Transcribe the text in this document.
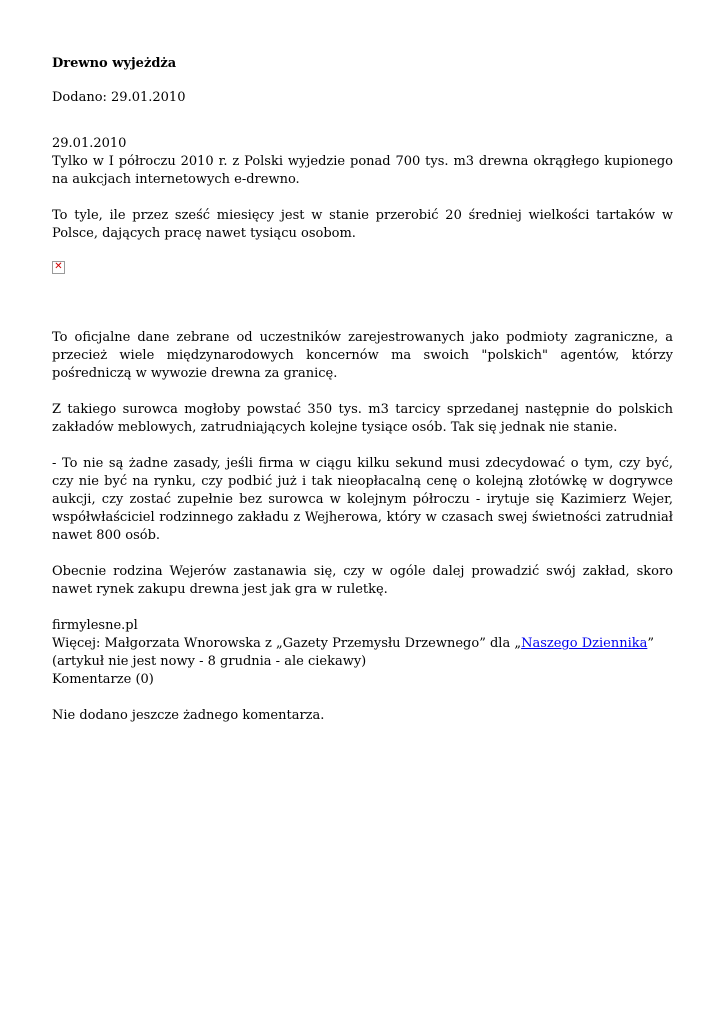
Drewno wyjeżdża
Dodano: 29.01.2010

29.01.2010
Tylko w I półroczu 2010 r. z Polski wyjedzie ponad 700 tys. m3 drewna okrągłego kupionego na aukcjach internetowych e-drewno.

To tyle, ile przez sześć miesięcy jest w stanie przerobić 20 średniej wielkości tartaków w Polsce, dających pracę nawet tysiącu osobom.

✕

To oficjalne dane zebrane od uczestników zarejestrowanych jako podmioty zagraniczne, a przecież wiele międzynarodowych koncernów ma swoich "polskich" agentów, którzy pośredniczą w wywozie drewna za granicę.

Z takiego surowca mogłoby powstać 350 tys. m3 tarcicy sprzedanej następnie do polskich zakładów meblowych, zatrudniających kolejne tysiące osób. Tak się jednak nie stanie.

- To nie są żadne zasady, jeśli firma w ciągu kilku sekund musi zdecydować o tym, czy być, czy nie być na rynku, czy podbić już i tak nieopłacalną cenę o kolejną złotówkę w dogrywce aukcji, czy zostać zupełnie bez surowca w kolejnym półroczu - irytuje się Kazimierz Wejer, współwłaściciel rodzinnego zakładu z Wejherowa, który w czasach swej świetności zatrudniał nawet 800 osób.

Obecnie rodzina Wejerów zastanawia się, czy w ogóle dalej prowadzić swój zakład, skoro nawet rynek zakupu drewna jest jak gra w ruletkę.

firmylesne.pl
Więcej: Małgorzata Wnorowska z „Gazety Przemysłu Drzewnego” dla „Naszego Dziennika”
(artykuł nie jest nowy - 8 grudnia - ale ciekawy)
Komentarze (0)
Nie dodano jeszcze żadnego komentarza.
